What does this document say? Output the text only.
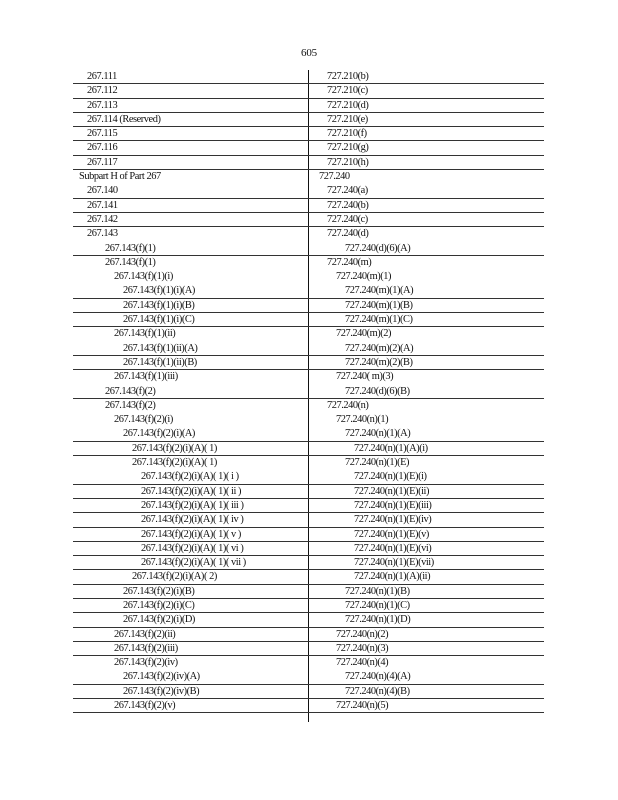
605
267.111	727.210(b)
267.112	727.210(c)
267.113	727.210(d)
267.114 (Reserved)	727.210(e)
267.115	727.210(f)
267.116	727.210(g)
267.117	727.210(h)
Subpart H of Part 267	727.240
267.140	727.240(a)
267.141	727.240(b)
267.142	727.240(c)
267.143	727.240(d)
267.143(f)(1)	727.240(d)(6)(A)
267.143(f)(1)	727.240(m)
267.143(f)(1)(i)	727.240(m)(1)
267.143(f)(1)(i)(A)	727.240(m)(1)(A)
267.143(f)(1)(i)(B)	727.240(m)(1)(B)
267.143(f)(1)(i)(C)	727.240(m)(1)(C)
267.143(f)(1)(ii)	727.240(m)(2)
267.143(f)(1)(ii)(A)	727.240(m)(2)(A)
267.143(f)(1)(ii)(B)	727.240(m)(2)(B)
267.143(f)(1)(iii)	727.240( m)(3)
267.143(f)(2)	727.240(d)(6)(B)
267.143(f)(2)	727.240(n)
267.143(f)(2)(i)	727.240(n)(1)
267.143(f)(2)(i)(A)	727.240(n)(1)(A)
267.143(f)(2)(i)(A)( 1)	727.240(n)(1)(A)(i)
267.143(f)(2)(i)(A)( 1)	727.240(n)(1)(E)
267.143(f)(2)(i)(A)( 1)( i )	727.240(n)(1)(E)(i)
267.143(f)(2)(i)(A)( 1)( ii )	727.240(n)(1)(E)(ii)
267.143(f)(2)(i)(A)( 1)( iii )	727.240(n)(1)(E)(iii)
267.143(f)(2)(i)(A)( 1)( iv )	727.240(n)(1)(E)(iv)
267.143(f)(2)(i)(A)( 1)( v )	727.240(n)(1)(E)(v)
267.143(f)(2)(i)(A)( 1)( vi )	727.240(n)(1)(E)(vi)
267.143(f)(2)(i)(A)( 1)( vii )	727.240(n)(1)(E)(vii)
267.143(f)(2)(i)(A)( 2)	727.240(n)(1)(A)(ii)
267.143(f)(2)(i)(B)	727.240(n)(1)(B)
267.143(f)(2)(i)(C)	727.240(n)(1)(C)
267.143(f)(2)(i)(D)	727.240(n)(1)(D)
267.143(f)(2)(ii)	727.240(n)(2)
267.143(f)(2)(iii)	727.240(n)(3)
267.143(f)(2)(iv)	727.240(n)(4)
267.143(f)(2)(iv)(A)	727.240(n)(4)(A)
267.143(f)(2)(iv)(B)	727.240(n)(4)(B)
267.143(f)(2)(v)	727.240(n)(5)
